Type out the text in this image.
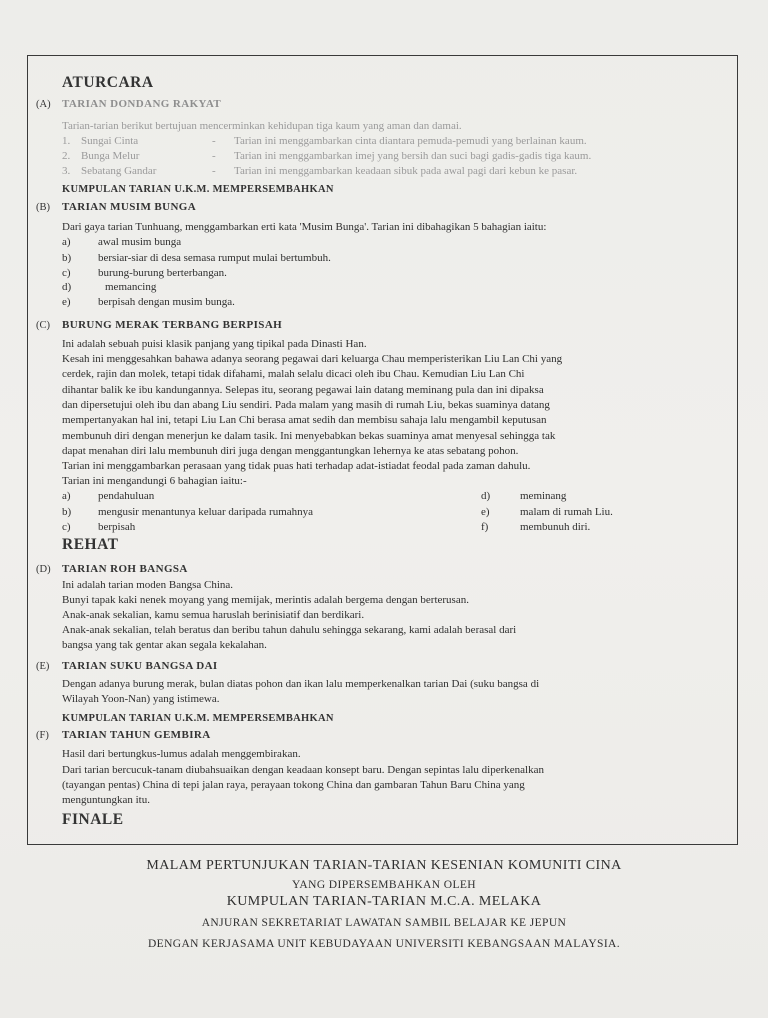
ATURCARA
(A) TARIAN DONDANG RAKYAT
Tarian-tarian berikut bertujuan mencerminkan kehidupan tiga kaum yang aman dan damai.
1. Sungai Cinta	- Tarian ini menggambarkan cinta diantara pemuda-pemudi yang berlainan kaum.
2. Bunga Melur	- Tarian ini menggambarkan imej yang bersih dan suci bagi gadis-gadis tiga kaum.
3. Sebatang Gandar	- Tarian ini menggambarkan keadaan sibuk pada awal pagi dari kebun ke pasar.
KUMPULAN TARIAN U.K.M. MEMPERSEMBAHKAN
(B) TARIAN MUSIM BUNGA
Dari gaya tarian Tunhuang, menggambarkan erti kata 'Musim Bunga'. Tarian ini dibahagikan 5 bahagian iaitu:
a) awal musim bunga
b) bersiar-siar di desa semasa rumput mulai bertumbuh.
c) burung-burung berterbangan.
d)	memancing
e) berpisah dengan musim bunga.
(C) BURUNG MERAK TERBANG BERPISAH
Ini adalah sebuah puisi klasik panjang yang tipikal pada Dinasti Han.
Kesah ini menggesahkan bahawa adanya seorang pegawai dari keluarga Chau memperisterikan Liu Lan Chi yang
cerdek, rajin dan molek, tetapi tidak difahami, malah selalu dicaci oleh ibu Chau. Kemudian Liu Lan Chi
dihantar balik ke ibu kandungannya. Selepas itu, seorang pegawai lain datang meminang pula dan ini dipaksa
dan dipersetujui oleh ibu dan abang Liu sendiri. Pada malam yang masih di rumah Liu, bekas suaminya datang
mempertanyakan hal ini, tetapi Liu Lan Chi berasa amat sedih dan membisu sahaja lalu mengambil keputusan
membunuh diri dengan menerjun ke dalam tasik. Ini menyebabkan bekas suaminya amat menyesal sehingga tak
dapat menahan diri lalu membunuh diri juga dengan menggantungkan lehernya ke atas sebatang pohon.
Tarian ini menggambarkan perasaan yang tidak puas hati terhadap adat-istiadat feodal pada zaman dahulu.
Tarian ini mengandungi 6 bahagian iaitu:-
a) pendahuluan
b) mengusir menantunya keluar daripada rumahnya
c) berpisah
d)	meminang
e)	malam di rumah Liu.
f)	membunuh diri.
REHAT
(D) TARIAN ROH BANGSA
Ini adalah tarian moden Bangsa China.
Bunyi tapak kaki nenek moyang yang memijak, merintis adalah bergema dengan berterusan.
Anak-anak sekalian, kamu semua haruslah berinisiatif dan berdikari.
Anak-anak sekalian, telah beratus dan beribu tahun dahulu sehingga sekarang, kami adalah berasal dari
bangsa yang tak gentar akan segala kekalahan.
(E) TARIAN SUKU BANGSA DAI
Dengan adanya burung merak, bulan diatas pohon dan ikan lalu memperkenalkan tarian Dai (suku bangsa di
Wilayah Yoon-Nan) yang istimewa.
KUMPULAN TARIAN U.K.M. MEMPERSEMBAHKAN
(F) TARIAN TAHUN GEMBIRA
Hasil dari bertungkus-lumus adalah menggembirakan.
Dari tarian bercucuk-tanam diubahsuaikan dengan keadaan konsept baru. Dengan sepintas lalu diperkenalkan
(tayangan pentas) China di tepi jalan raya, perayaan tokong China dan gambaran Tahun Baru China yang
menguntungkan itu.
FINALE
MALAM PERTUNJUKAN TARIAN-TARIAN KESENIAN KOMUNITI CINA
YANG DIPERSEMBAHKAN OLEH
KUMPULAN TARIAN-TARIAN M.C.A. MELAKA
ANJURAN SEKRETARIAT LAWATAN SAMBIL BELAJAR KE JEPUN
DENGAN KERJASAMA UNIT KEBUDAYAAN UNIVERSITI KEBANGSAAN MALAYSIA.
